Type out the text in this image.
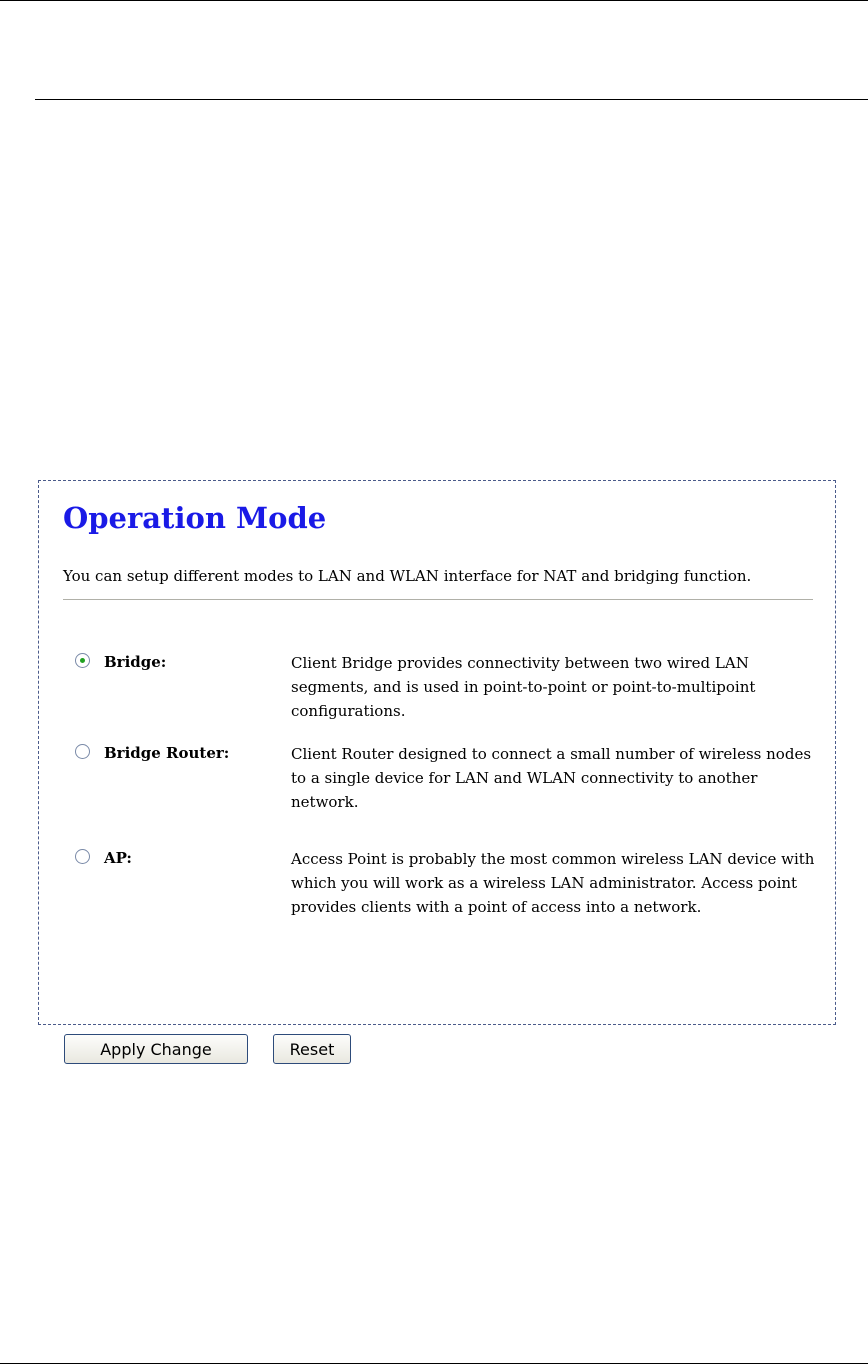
Operation Mode
You can setup different modes to LAN and WLAN interface for NAT and bridging function.
Bridge:	Client Bridge provides connectivity between two wired LAN segments, and is used in point-to-point or point-to-multipoint configurations.
Bridge Router:	Client Router designed to connect a small number of wireless nodes to a single device for LAN and WLAN connectivity to another network.
AP:	Access Point is probably the most common wireless LAN device with which you will work as a wireless LAN administrator. Access point provides clients with a point of access into a network.
Apply Change	Reset
